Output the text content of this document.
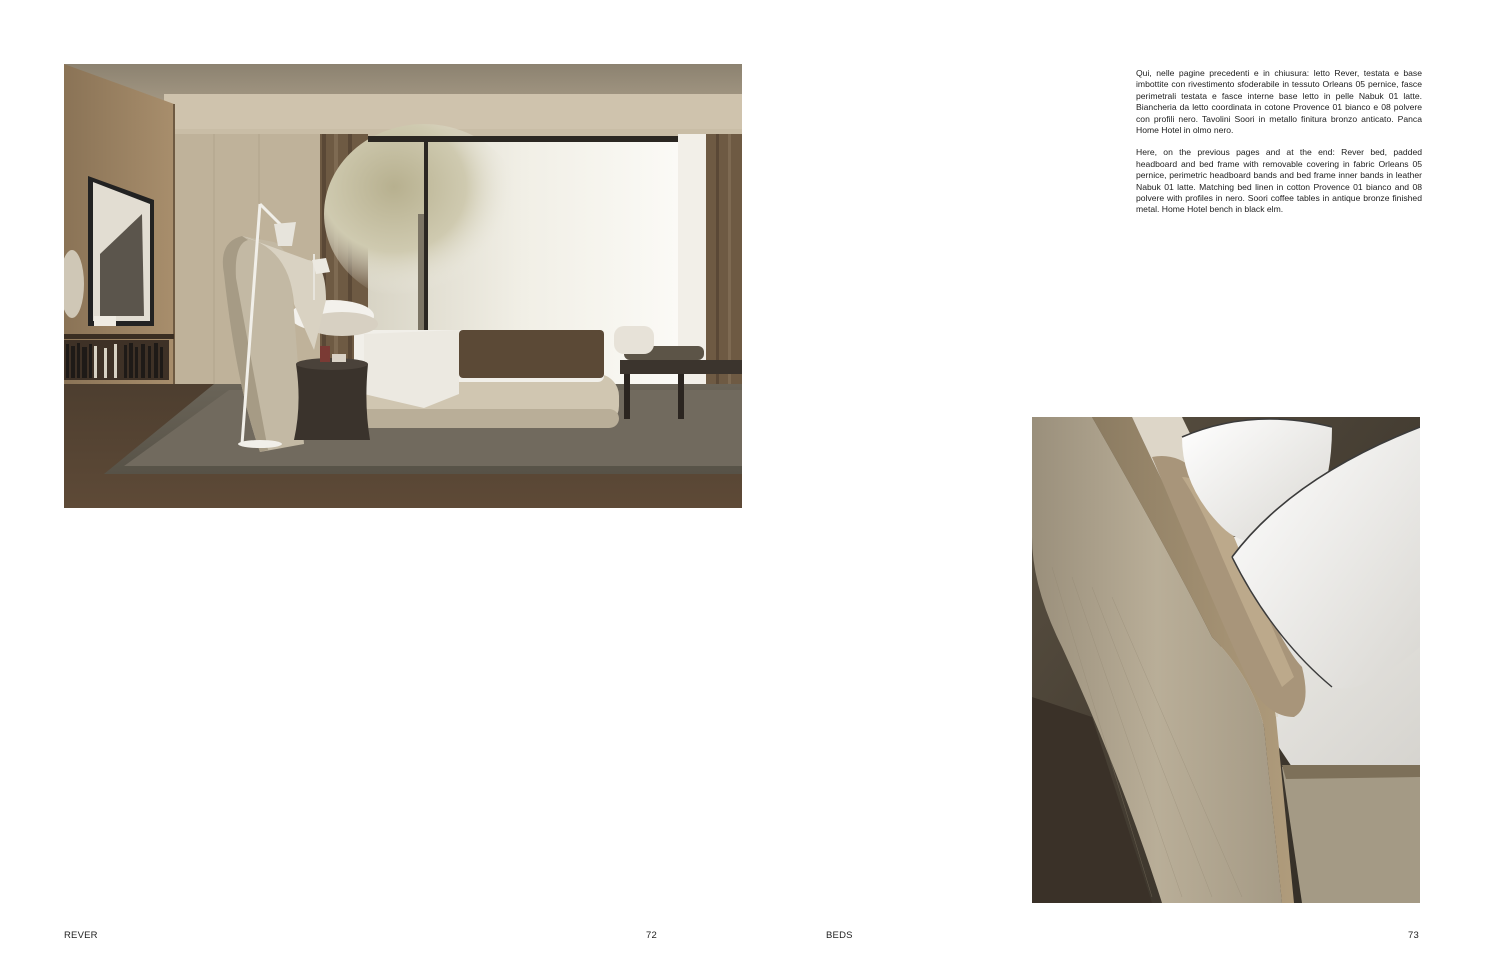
REVER	72

Qui, nelle pagine precedenti e in chiusura: letto Rever, testata e base imbottite con rivestimento sfoderabile in tessuto Orleans 05 pernice, fasce perimetrali testata e fasce interne base letto in pelle Nabuk 01 latte. Biancheria da letto coordinata in cotone Provence 01 bianco e 08 polvere con profili nero. Tavolini Soori in metallo finitura bronzo anticato. Panca Home Hotel in olmo nero.

Here, on the previous pages and at the end: Rever bed, padded headboard and bed frame with removable covering in fabric Orleans 05 pernice, perimetric headboard bands and bed frame inner bands in leather Nabuk 01 latte. Matching bed linen in cotton Provence 01 bianco and 08 polvere with profiles in nero. Soori coffee tables in antique bronze finished metal. Home Hotel bench in black elm.

BEDS	73
